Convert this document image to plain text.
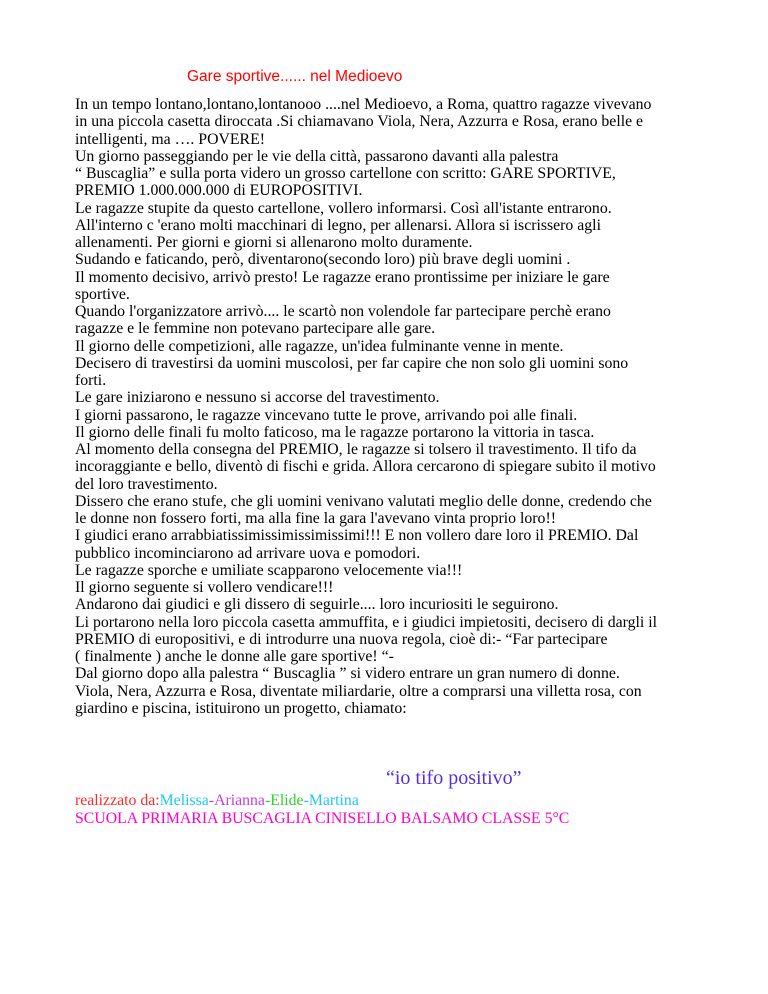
Gare sportive...... nel Medioevo
In un tempo lontano,lontano,lontanooo ....nel Medioevo, a Roma, quattro ragazze vivevano
in una piccola casetta diroccata .Si chiamavano Viola, Nera, Azzurra e Rosa, erano belle e
intelligenti, ma …. POVERE!
Un giorno passeggiando per le vie della città, passarono davanti alla palestra
“ Buscaglia” e sulla porta videro un grosso cartellone con scritto: GARE SPORTIVE,
PREMIO 1.000.000.000 di EUROPOSITIVI.
Le ragazze stupite da questo cartellone, vollero informarsi. Così all'istante entrarono.
All'interno c 'erano molti macchinari di legno, per allenarsi. Allora si iscrissero agli
allenamenti. Per giorni e giorni si allenarono molto duramente.
Sudando e faticando, però, diventarono(secondo loro) più brave degli uomini .
Il momento decisivo, arrivò presto! Le ragazze erano prontissime per iniziare le gare
sportive.
Quando l'organizzatore arrivò.... le scartò non volendole far partecipare perchè erano
ragazze e le femmine non potevano partecipare alle gare.
Il giorno delle competizioni, alle ragazze, un'idea fulminante venne in mente.
Decisero di travestirsi da uomini muscolosi, per far capire che non solo gli uomini sono
forti.
Le gare iniziarono e nessuno si accorse del travestimento.
I giorni passarono, le ragazze vincevano tutte le prove, arrivando poi alle finali.
Il giorno delle finali fu molto faticoso, ma le ragazze portarono la vittoria in tasca.
Al momento della consegna del PREMIO, le ragazze si tolsero il travestimento. Il tifo da
incoraggiante e bello, diventò di fischi e grida. Allora cercarono di spiegare subito il motivo
del loro travestimento.
Dissero che erano stufe, che gli uomini venivano valutati meglio delle donne, credendo che
le donne non fossero forti, ma alla fine la gara l'avevano vinta proprio loro!!
I giudici erano arrabbiatissimissimissimissimi!!! E non vollero dare loro il PREMIO. Dal
pubblico incominciarono ad arrivare uova e pomodori.
Le ragazze sporche e umiliate scapparono velocemente via!!!
Il giorno seguente si vollero vendicare!!!
Andarono dai giudici e gli dissero di seguirle.... loro incuriositi le seguirono.
Li portarono nella loro piccola casetta ammuffita, e i giudici impietositi, decisero di dargli il
PREMIO di europositivi, e di introdurre una nuova regola, cioè di:- “Far partecipare
( finalmente ) anche le donne alle gare sportive! “-
Dal giorno dopo alla palestra “ Buscaglia ” si videro entrare un gran numero di donne.
Viola, Nera, Azzurra e Rosa, diventate miliardarie, oltre a comprarsi una villetta rosa, con
giardino e piscina, istituirono un progetto, chiamato:
“io tifo positivo”
realizzato da:Melissa-Arianna-Elide-Martina
SCUOLA PRIMARIA BUSCAGLIA CINISELLO BALSAMO CLASSE 5°C
